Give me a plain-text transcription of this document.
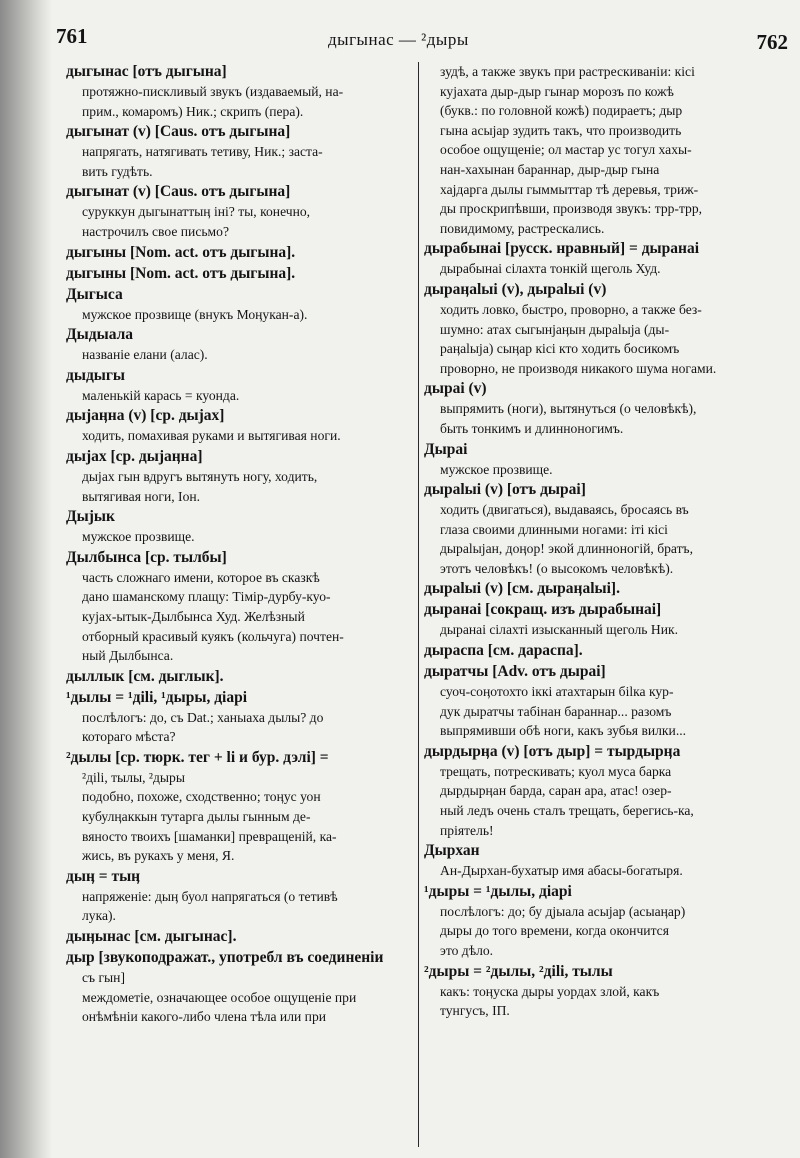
761	дыгынас — ²дыры	762
дыгынас [отъ дыгына]
протяжно-пискливый звукъ (издаваемый, на-
прим., комаромъ) Ник.; скрипъ (пера).
дыгынат (v) [Caus. отъ дыгына]
напрягать, натягивать тетиву, Ник.; заста-
вить гудѣть.
дыгынат (v) [Caus. отъ дыгына]
суруккун дыгынаттыӊ іні? ты, конечно,
настрочилъ свое письмо?
дыгыны [Nom. act. отъ дыгына].
дыгыны [Nom. act. отъ дыгына].
Дыгыса
мужское прозвище (внукъ Моӊукан-а).
Дыдыала
названіе елани (алас).
дыдыгы
маленькій карась = куонда.
дыjаӊна (v) [ср. дыjах]
ходить, помахивая руками и вытягивая ноги.
дыjах [ср. дыjаӊна]
дыjах гын вдругъ вытянуть ногу, ходить,
вытягивая ноги, Іон.
Дыjык
мужское прозвище.
Дылбынса [ср. тылбы]
часть сложнаго имени, которое въ сказкѣ
дано шаманскому плащу: Тімір-дурбу-куо-
куjах-ытык-Дылбынса Худ. Желѣзный
отборный красивый куякъ (кольчуга) почтен-
ный Дылбынса.
дыллык [см. дыглык].
¹дылы = ¹діlі, ¹дыры, діарі
послѣлогъ: до, съ Dat.; ханыаха дылы? до
котораго мѣста?
²дылы [ср. тюрк. тег + lі и бур. дэлі] =
²діlі, тылы, ²дыры
подобно, похоже, сходственно; тоӊус уон
кубулӊаккын тутарга дылы гынным де-
вяносто твоихъ [шаманки] превращеній, ка-
жись, въ рукахъ у меня, Я.
дыӊ = тыӊ
напряженіе: дыӊ буол напрягаться (о тетивѣ
лука).
дыӊынас [см. дыгынас].
дыр [звукоподражат., употребл въ соединеніи
съ гын]
междометіе, означающее особое ощущеніе при
онѣмѣніи какого-либо члена тѣла или при
зудѣ, а также звукъ при растрескиваніи: кісі
куjахата дыр-дыр гынар морозъ по кожѣ
(букв.: по головной кожѣ) подираетъ; дыр
гына асыjар зудить такъ, что производить
особое ощущеніе; ол мастар ус тогул хахы-
нан-хахынан бараннар, дыр-дыр гына
хаjдарга дылы гыммыттар тѣ деревья, триж-
ды проскрипѣвши, производя звукъ: трр-трр,
повидимому, растрескались.
дырабынаі [русск. нравный] = дыранаі
дырабынаі сілахта тонкій щеголь Худ.
дыраӊаlыі (v), дыраlыі (v)
ходить ловко, быстро, проворно, а также без-
шумно: атах сыгынjаӊын дыраlыjа (ды-
раӊаlыjа) сыӊар кісі кто ходить босикомъ
проворно, не производя никакого шума ногами.
дыраі (v)
выпрямить (ноги), вытянуться (о человѣкѣ),
быть тонкимъ и длинноногимъ.
Дыраі
мужское прозвище.
дыраlыі (v) [отъ дыраі]
ходить (двигаться), выдаваясь, бросаясь въ
глаза своими длинными ногами: іті кісі
дыраlыjан, доӊор! экой длинноногій, братъ,
этотъ человѣкъ! (о высокомъ человѣкѣ).
дыраlыі (v) [см. дыраӊаlыі].
дыранаі [сокращ. изъ дырабынаі]
дыранаі сілахті изысканный щеголь Ник.
дыраспа [см. дараспа].
дыратчы [Adv. отъ дыраі]
суоч-соӊотохто іккі атахтарын біlка кур-
дук дыратчы табінан бараннар... разомъ
выпрямивши обѣ ноги, какъ зубья вилки...
дырдырӊа (v) [отъ дыр] = тырдырӊа
трещать, потрескивать; куол муса барка
дырдырӊан барда, саран ара, атас! озер-
ный ледъ очень сталъ трещать, берегись-ка,
пріятель!
Дырхан
Ан-Дырхан-бухатыр имя абасы-богатыря.
¹дыры = ¹дылы, діарі
послѣлогъ: до; бу дjыала асыjар (асыаӊар)
дыры до того времени, когда окончится
это дѣло.
²дыры = ²дылы, ²діlі, тылы
какъ: тоӊуска дыры уордах злой, какъ
тунгусъ, ІП.
